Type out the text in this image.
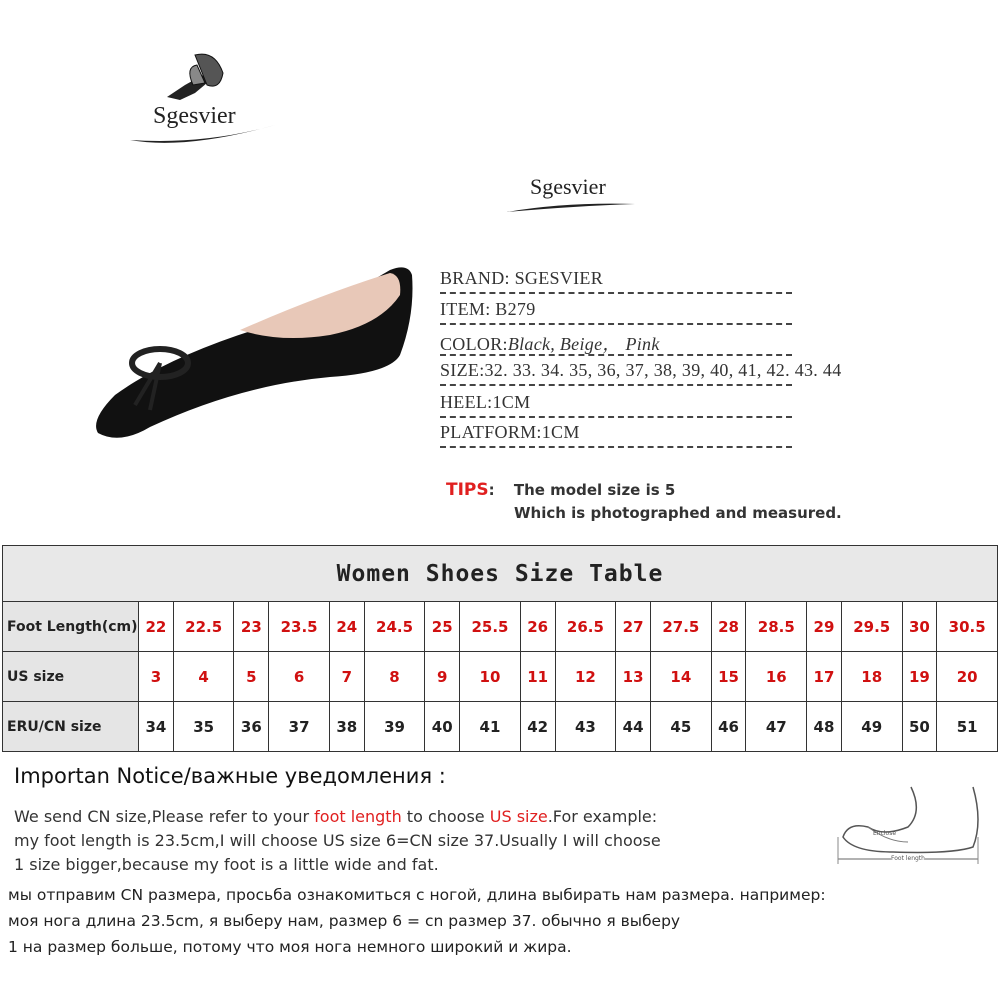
Sgesvier
Sgesvier
BRAND: SGESVIER
ITEM: B279
COLOR:Black, Beige， Pink
SIZE:32. 33. 34. 35, 36, 37, 38, 39, 40, 41, 42. 43. 44
HEEL:1CM
PLATFORM:1CM
TIPS: The model size is 5
Which is photographed and measured.
Women Shoes Size Table																		
Foot Length(cm)	22	22.5	23	23.5	24	24.5	25	25.5	26	26.5	27	27.5	28	28.5	29	29.5	30	30.5
US size	3	4	5	6	7	8	9	10	11	12	13	14	15	16	17	18	19	20
ERU/CN size	34	35	36	37	38	39	40	41	42	43	44	45	46	47	48	49	50	51
Importan Notice/важные уведомления :
We send CN size,Please refer to your foot length to choose US size.For example:
my foot length is 23.5cm,I will choose US size 6=CN size 37.Usually I will choose
1 size bigger,because my foot is a little wide and fat.
мы отправим CN размера, просьба ознакомиться с ногой, длина выбирать нам размера. например:
моя нога длина 23.5cm, я выберу нам, размер 6 = cn размер 37. обычно я выберу
1 на размер больше, потому что моя нога немного широкий и жира.
Enclose
Foot length
